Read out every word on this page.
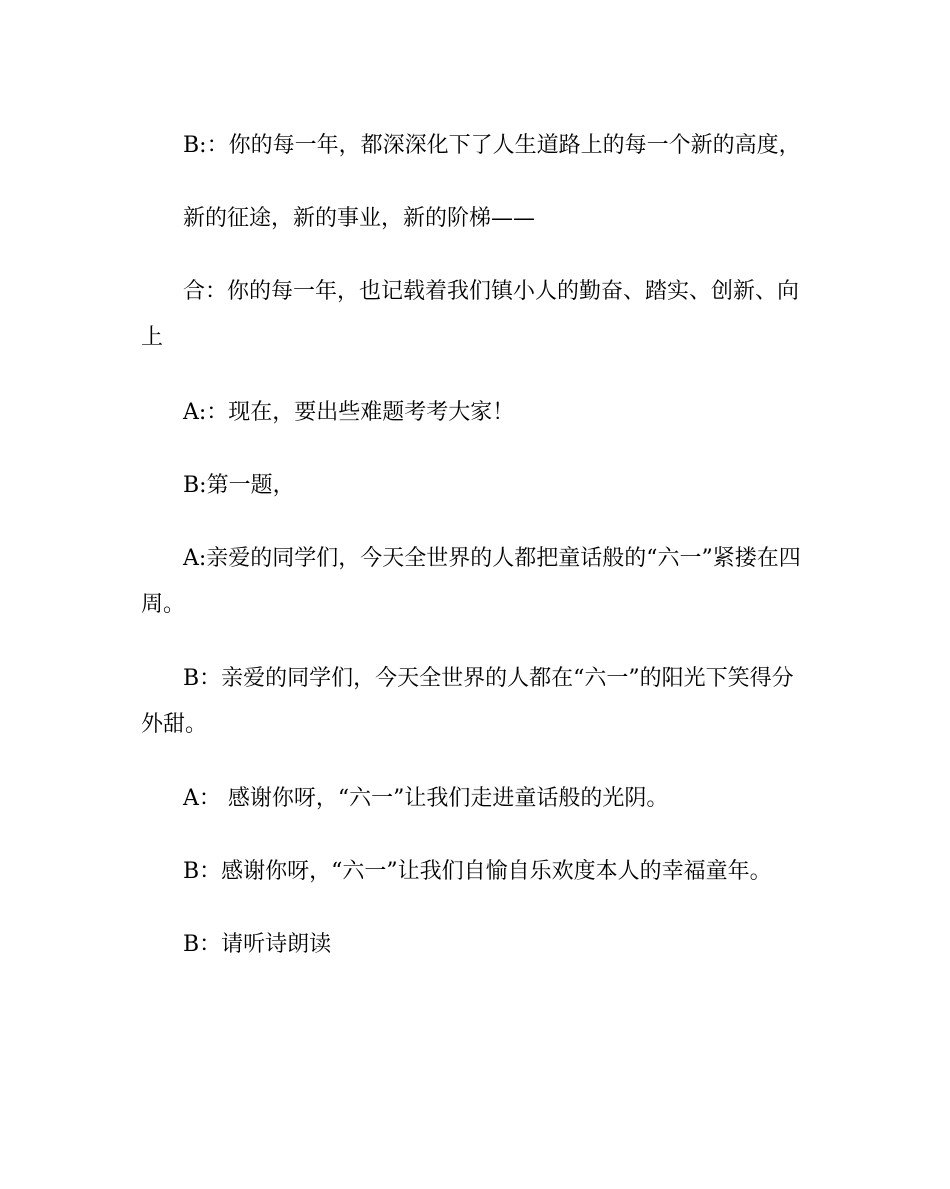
B:：你的每一年，都深深化下了人生道路上的每一个新的高度，

新的征途，新的事业，新的阶梯——

合：你的每一年，也记载着我们镇小人的勤奋、踏实、创新、向上

A:：现在，要出些难题考考大家！

B:第一题，

A:亲爱的同学们，今天全世界的人都把童话般的“六一”紧搂在四周。

B：亲爱的同学们，今天全世界的人都在“六一”的阳光下笑得分外甜。

A： 感谢你呀，“六一”让我们走进童话般的光阴。

B：感谢你呀，“六一”让我们自愉自乐欢度本人的幸福童年。

B：请听诗朗读
